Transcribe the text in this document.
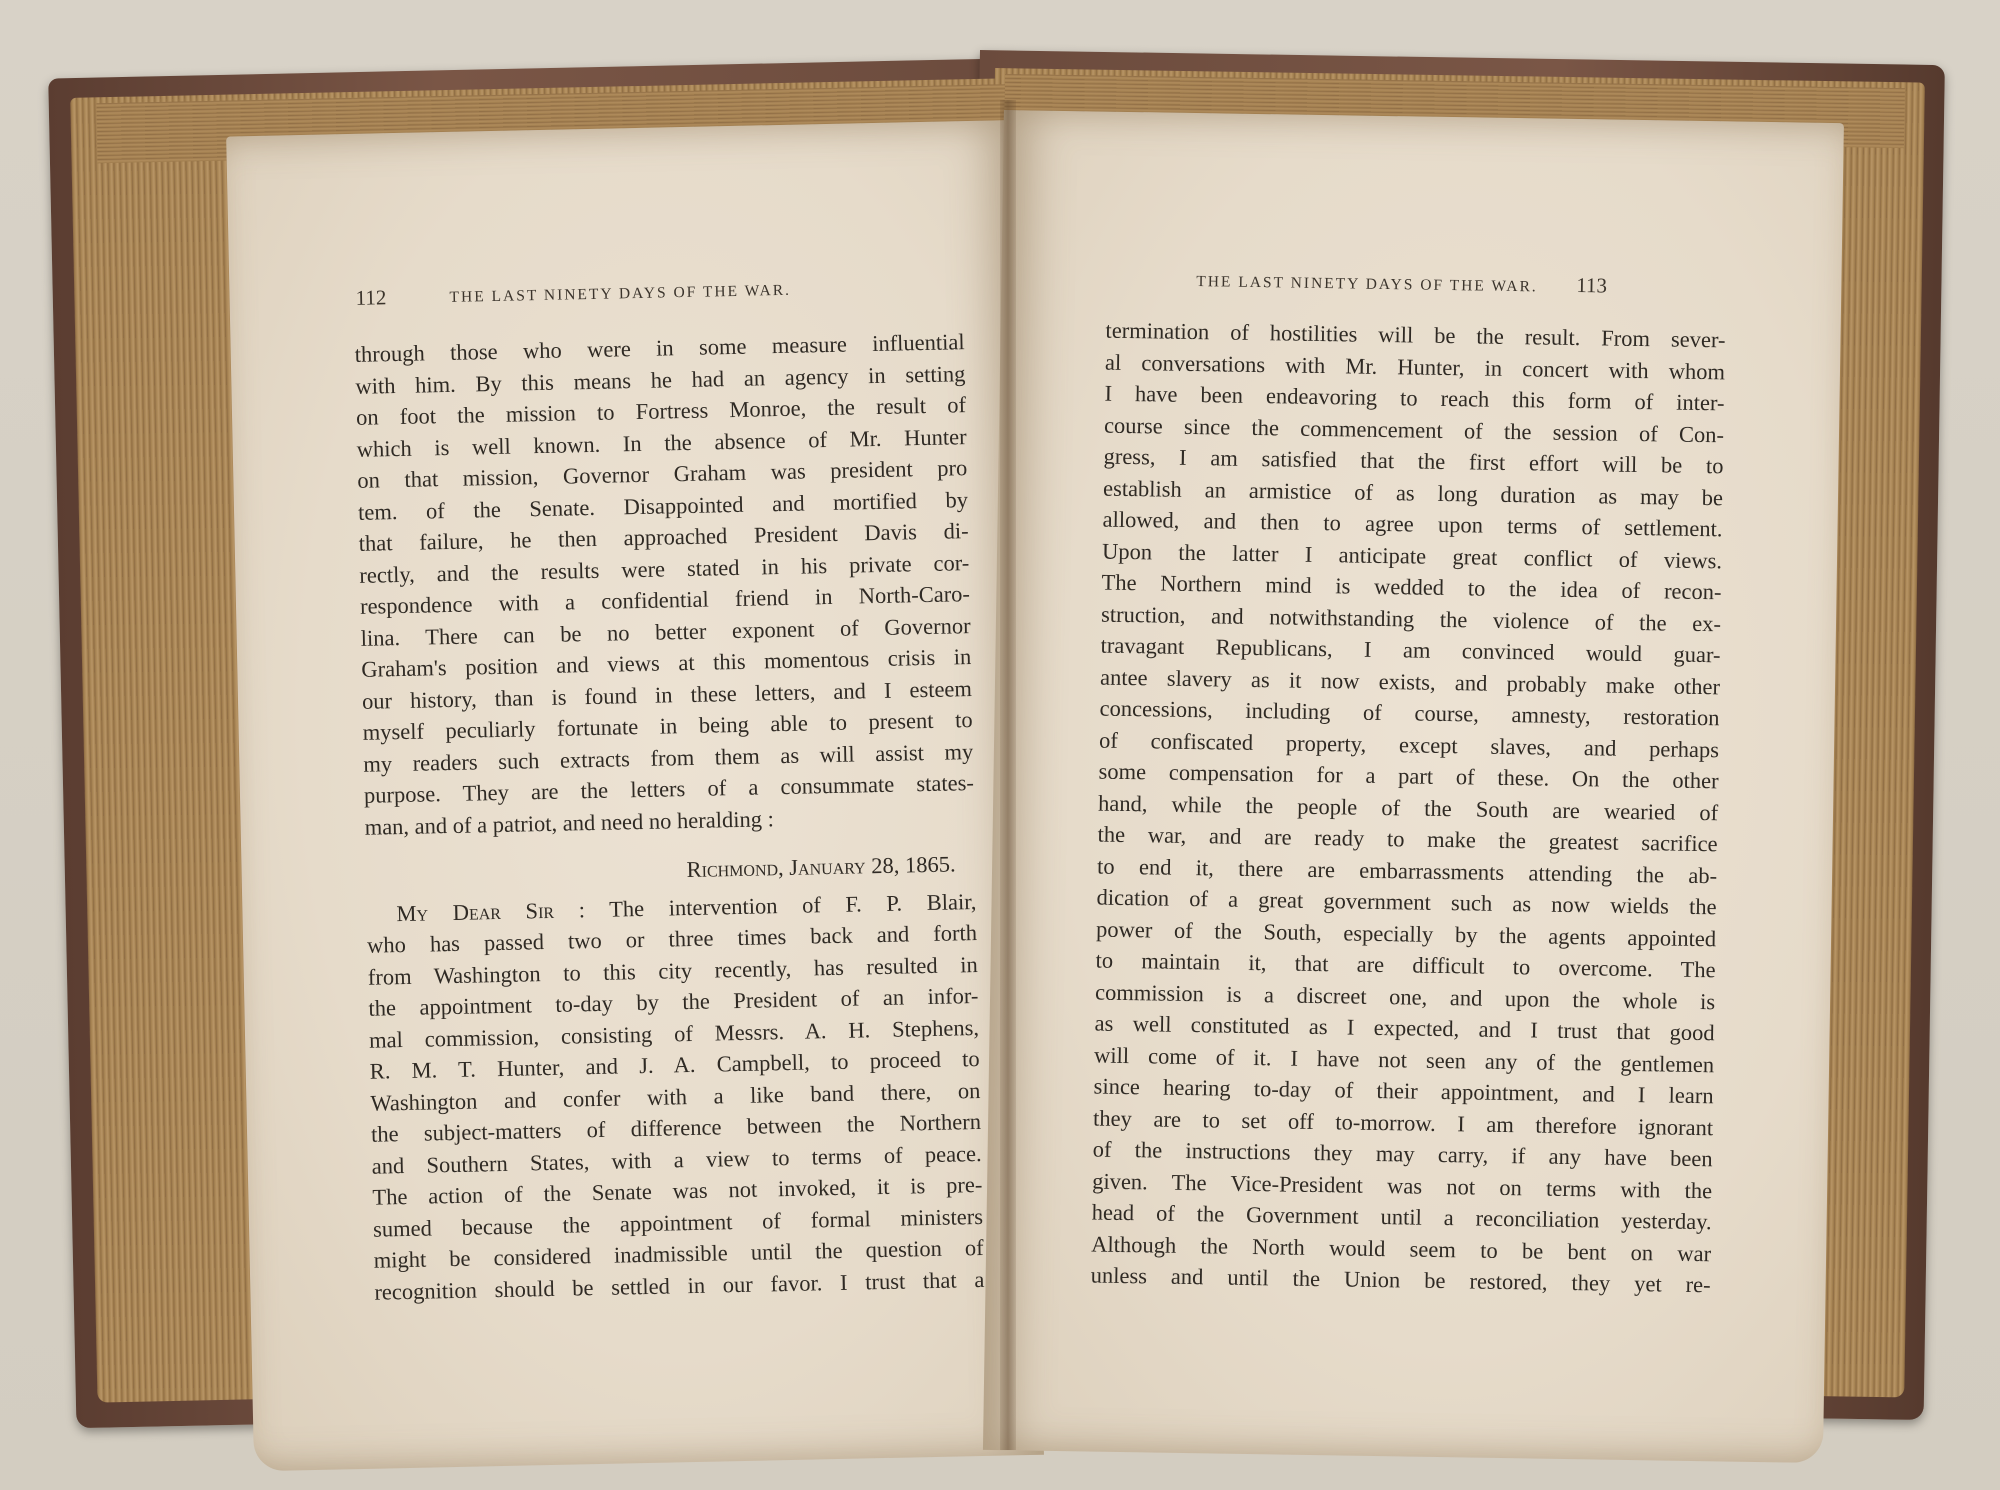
112	THE LAST NINETY DAYS OF THE WAR.
through those who were in some measure influential
with him. By this means he had an agency in setting
on foot the mission to Fortress Monroe, the result of
which is well known. In the absence of Mr. Hunter
on that mission, Governor Graham was president pro
tem. of the Senate. Disappointed and mortified by
that failure, he then approached President Davis di-
rectly, and the results were stated in his private cor-
respondence with a confidential friend in North-Caro-
lina. There can be no better exponent of Governor
Graham's position and views at this momentous crisis in
our history, than is found in these letters, and I esteem
myself peculiarly fortunate in being able to present to
my readers such extracts from them as will assist my
purpose. They are the letters of a consummate states-
man, and of a patriot, and need no heralding :
Richmond, January 28, 1865.
My Dear Sir : The intervention of F. P. Blair,
who has passed two or three times back and forth
from Washington to this city recently, has resulted in
the appointment to-day by the President of an infor-
mal commission, consisting of Messrs. A. H. Stephens,
R. M. T. Hunter, and J. A. Campbell, to proceed to
Washington and confer with a like band there, on
the subject-matters of difference between the Northern
and Southern States, with a view to terms of peace.
The action of the Senate was not invoked, it is pre-
sumed because the appointment of formal ministers
might be considered inadmissible until the question of
recognition should be settled in our favor. I trust that a
THE LAST NINETY DAYS OF THE WAR. 113
termination of hostilities will be the result. From sever-
al conversations with Mr. Hunter, in concert with whom
I have been endeavoring to reach this form of inter-
course since the commencement of the session of Con-
gress, I am satisfied that the first effort will be to
establish an armistice of as long duration as may be
allowed, and then to agree upon terms of settlement.
Upon the latter I anticipate great conflict of views.
The Northern mind is wedded to the idea of recon-
struction, and notwithstanding the violence of the ex-
travagant Republicans, I am convinced would guar-
antee slavery as it now exists, and probably make other
concessions, including of course, amnesty, restoration
of confiscated property, except slaves, and perhaps
some compensation for a part of these. On the other
hand, while the people of the South are wearied of
the war, and are ready to make the greatest sacrifice
to end it, there are embarrassments attending the ab-
dication of a great government such as now wields the
power of the South, especially by the agents appointed
to maintain it, that are difficult to overcome. The
commission is a discreet one, and upon the whole is
as well constituted as I expected, and I trust that good
will come of it. I have not seen any of the gentlemen
since hearing to-day of their appointment, and I learn
they are to set off to-morrow. I am therefore ignorant
of the instructions they may carry, if any have been
given. The Vice-President was not on terms with the
head of the Government until a reconciliation yesterday.
Although the North would seem to be bent on war
unless and until the Union be restored, they yet re-
